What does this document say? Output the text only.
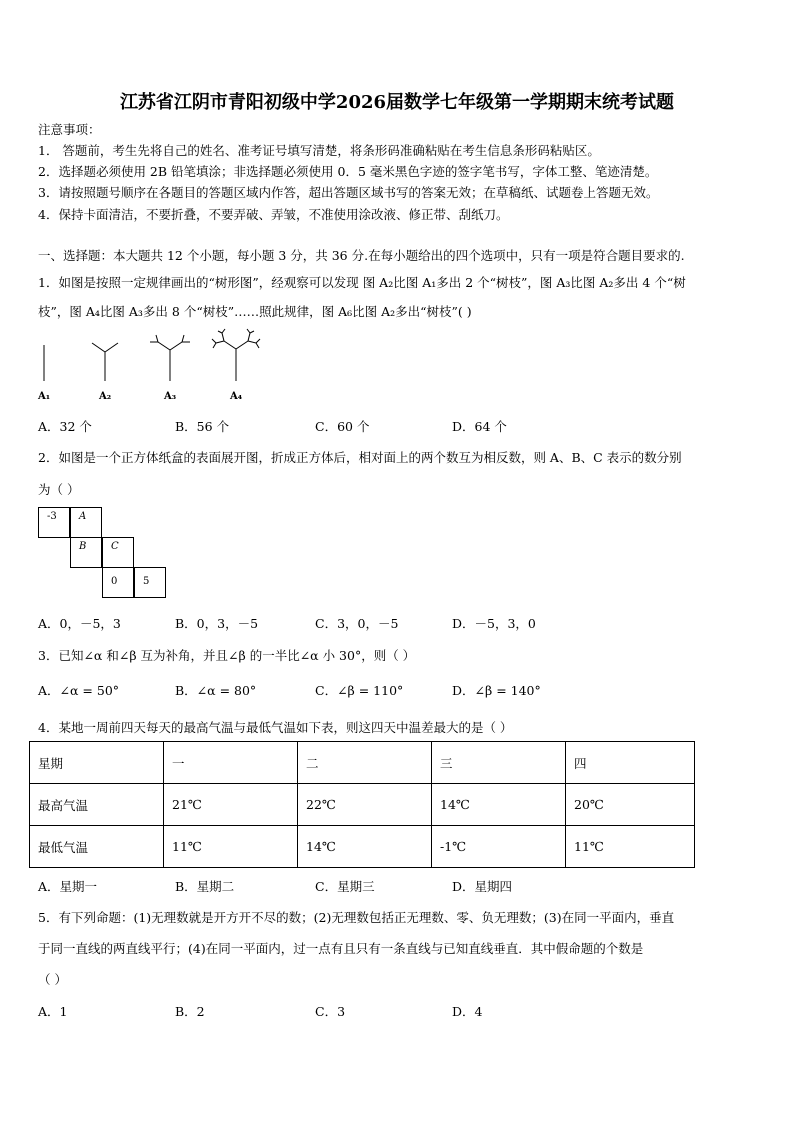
江苏省江阴市青阳初级中学2026届数学七年级第一学期期末统考试题
注意事项：
1． 答题前，考生先将自己的姓名、准考证号填写清楚，将条形码准确粘贴在考生信息条形码粘贴区。
2．选择题必须使用 2B 铅笔填涂；非选择题必须使用 0．5 毫米黑色字迹的签字笔书写，字体工整、笔迹清楚。
3．请按照题号顺序在各题目的答题区域内作答，超出答题区域书写的答案无效；在草稿纸、试题卷上答题无效。
4．保持卡面清洁，不要折叠，不要弄破、弄皱，不准使用涂改液、修正带、刮纸刀。
一、选择题：本大题共 12 个小题，每小题 3 分，共 36 分.在每小题给出的四个选项中，只有一项是符合题目要求的.
1．如图是按照一定规律画出的“树形图”，经观察可以发现 图 A₂比图 A₁多出 2 个“树枝”，图 A₃比图 A₂多出 4 个“树
枝”，图 A₄比图 A₃多出 8 个“树枝”……照此规律，图 A₆比图 A₂多出“树枝”( )
A₁	A₂	A₃	A₄
A．32 个	B．56 个	C．60 个	D．64 个
2．如图是一个正方体纸盒的表面展开图，折成正方体后，相对面上的两个数互为相反数，则 A、B、C 表示的数分别
为（ ）
-3	A
B	C
0	5
A．0，－5，3	B．0，3，－5	C．3，0，－5	D．－5，3，0
3．已知∠α 和∠β 互为补角，并且∠β 的一半比∠α 小 30°，则（ ）
A．∠α = 50°	B．∠α = 80°	C．∠β = 110°	D．∠β = 140°
4．某地一周前四天每天的最高气温与最低气温如下表，则这四天中温差最大的是（ ）
星期	一	二	三	四
最高气温	21℃	22℃	14℃	20℃
最低气温	11℃	14℃	-1℃	11℃
A．星期一	B．星期二	C．星期三	D．星期四
5．有下列命题：(1)无理数就是开方开不尽的数；(2)无理数包括正无理数、零、负无理数；(3)在同一平面内，垂直
于同一直线的两直线平行；(4)在同一平面内，过一点有且只有一条直线与已知直线垂直．其中假命题的个数是
（ ）
A．1	B．2	C．3	D．4
